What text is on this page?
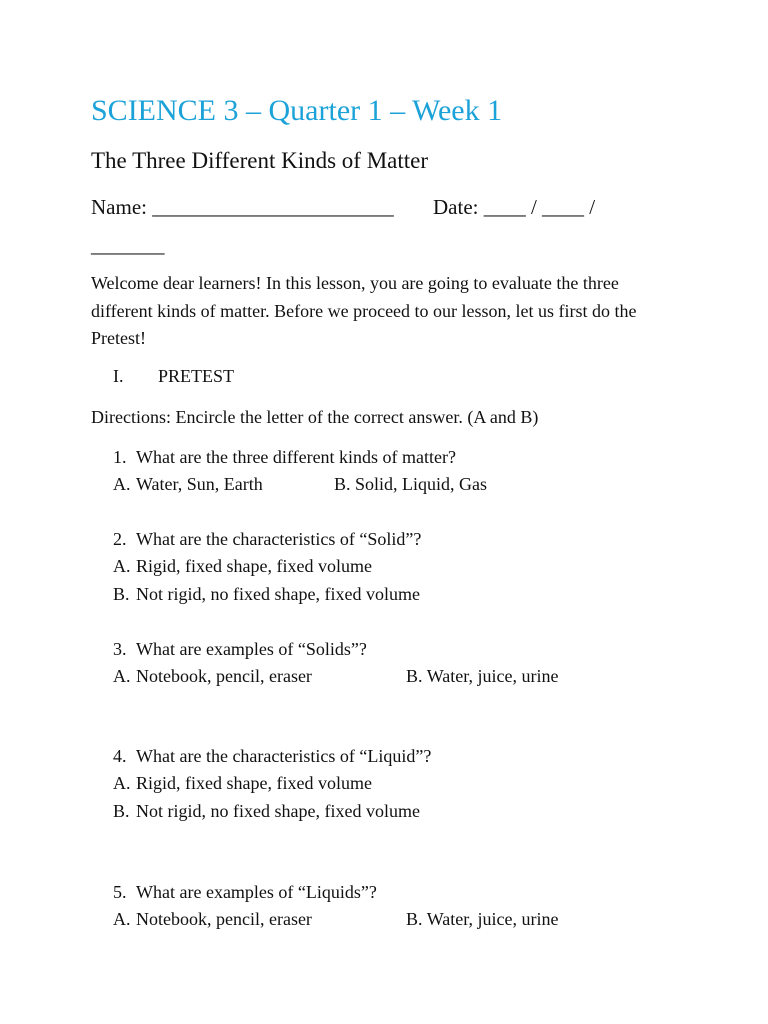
SCIENCE 3 – Quarter 1 – Week 1
The Three Different Kinds of Matter
Name: _______________________ Date: ____ / ____ /
_______
Welcome dear learners! In this lesson, you are going to evaluate the three different kinds of matter. Before we proceed to our lesson, let us first do the Pretest!
I. PRETEST
Directions: Encircle the letter of the correct answer. (A and B)
1. What are the three different kinds of matter?
A. Water, Sun, Earth	B. Solid, Liquid, Gas
2. What are the characteristics of “Solid”?
A. Rigid, fixed shape, fixed volume
B. Not rigid, no fixed shape, fixed volume
3. What are examples of “Solids”?
A. Notebook, pencil, eraser	B. Water, juice, urine
4. What are the characteristics of “Liquid”?
A. Rigid, fixed shape, fixed volume
B. Not rigid, no fixed shape, fixed volume
5. What are examples of “Liquids”?
A. Notebook, pencil, eraser	B. Water, juice, urine
